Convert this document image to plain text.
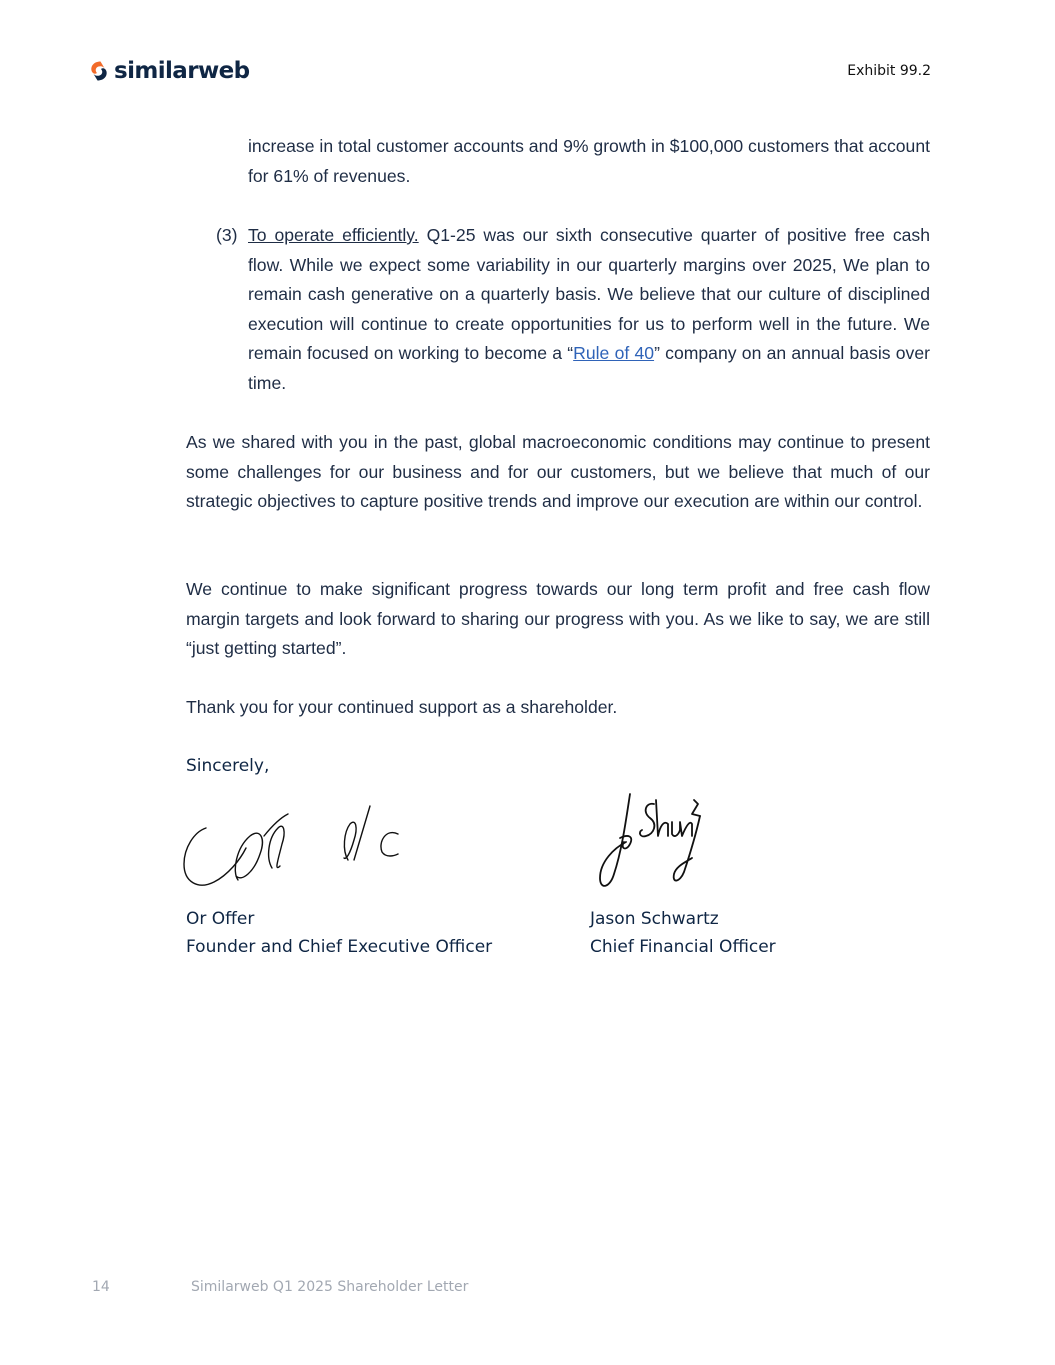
similarweb	Exhibit 99.2

increase in total customer accounts and 9% growth in $100,000 customers that account for 61% of revenues.

(3) To operate efficiently. Q1-25 was our sixth consecutive quarter of positive free cash flow. While we expect some variability in our quarterly margins over 2025, We plan to remain cash generative on a quarterly basis. We believe that our culture of disciplined execution will continue to create opportunities for us to perform well in the future. We remain focused on working to become a “Rule of 40” company on an annual basis over time.

As we shared with you in the past, global macroeconomic conditions may continue to present some challenges for our business and for our customers, but we believe that much of our strategic objectives to capture positive trends and improve our execution are within our control.

We continue to make significant progress towards our long term profit and free cash flow margin targets and look forward to sharing our progress with you. As we like to say, we are still “just getting started”.

Thank you for your continued support as a shareholder.

Sincerely,
Or Offer
Founder and Chief Executive Officer
Jason Schwartz
Chief Financial Officer
14	Similarweb Q1 2025 Shareholder Letter
